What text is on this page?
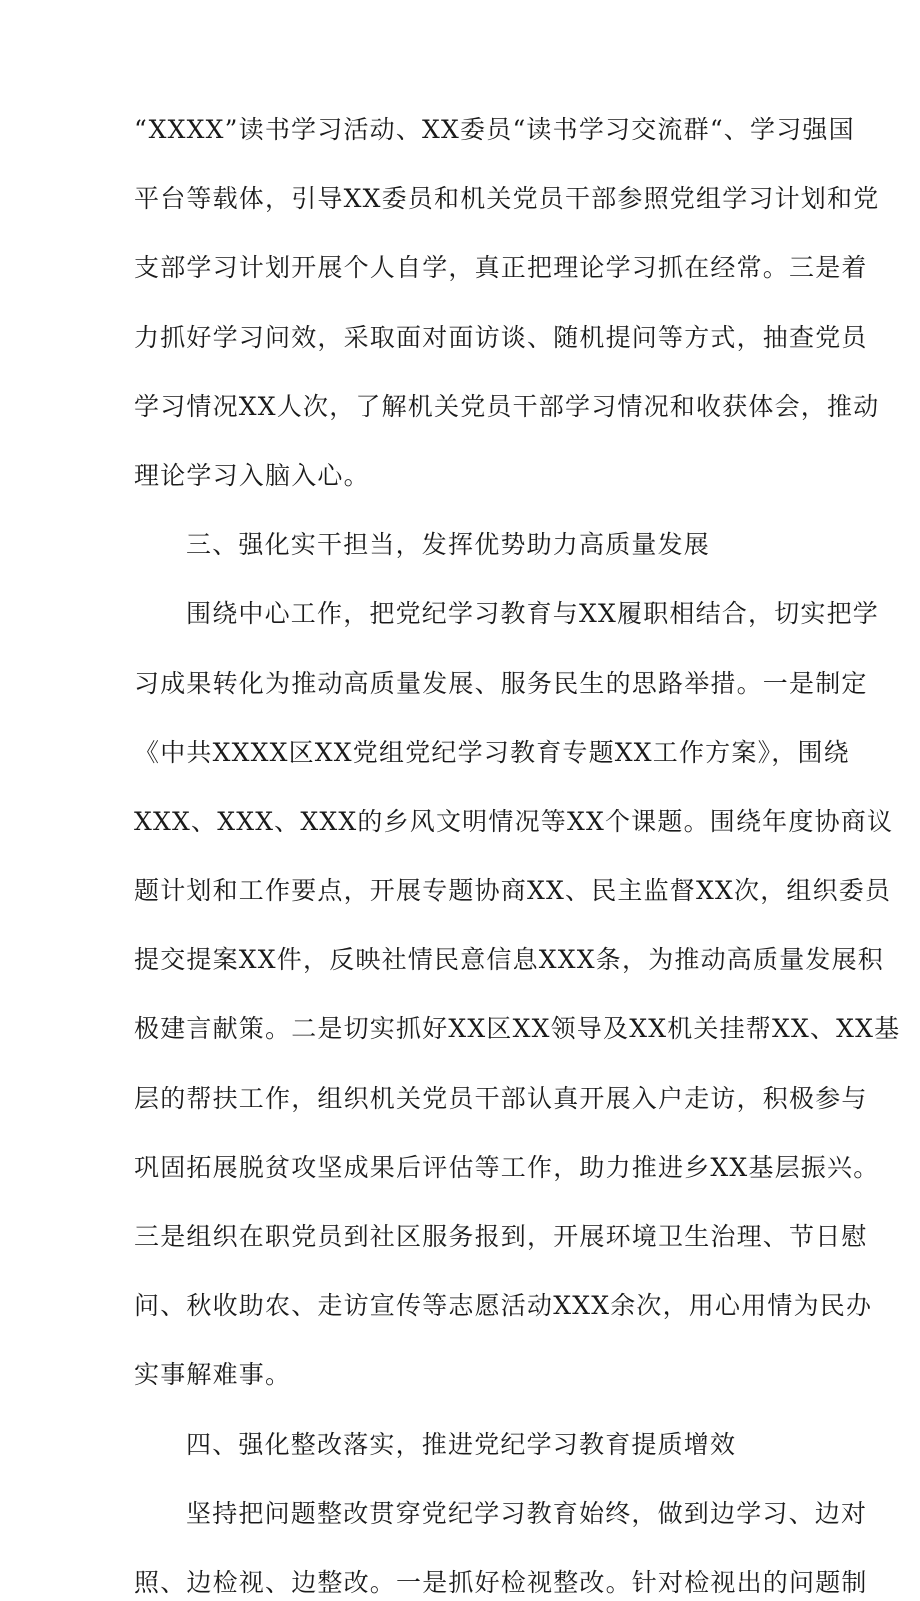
“XXXX”读书学习活动、XX委员“读书学习交流群“、学习强国
平台等载体，引导XX委员和机关党员干部参照党组学习计划和党
支部学习计划开展个人自学，真正把理论学习抓在经常。三是着
力抓好学习问效，采取面对面访谈、随机提问等方式，抽查党员
学习情况XX人次，了解机关党员干部学习情况和收获体会，推动
理论学习入脑入心。
三、强化实干担当，发挥优势助力高质量发展
围绕中心工作，把党纪学习教育与XX履职相结合，切实把学
习成果转化为推动高质量发展、服务民生的思路举措。一是制定
《中共XXXX区XX党组党纪学习教育专题XX工作方案》，围绕
XXX、XXX、XXX的乡风文明情况等XX个课题。围绕年度协商议
题计划和工作要点，开展专题协商XX、民主监督XX次，组织委员
提交提案XX件，反映社情民意信息XXX条，为推动高质量发展积
极建言献策。二是切实抓好XX区XX领导及XX机关挂帮XX、XX基
层的帮扶工作，组织机关党员干部认真开展入户走访，积极参与
巩固拓展脱贫攻坚成果后评估等工作，助力推进乡XX基层振兴。
三是组织在职党员到社区服务报到，开展环境卫生治理、节日慰
问、秋收助农、走访宣传等志愿活动XXX余次，用心用情为民办
实事解难事。
四、强化整改落实，推进党纪学习教育提质增效
坚持把问题整改贯穿党纪学习教育始终，做到边学习、边对
照、边检视、边整改。一是抓好检视整改。针对检视出的问题制
